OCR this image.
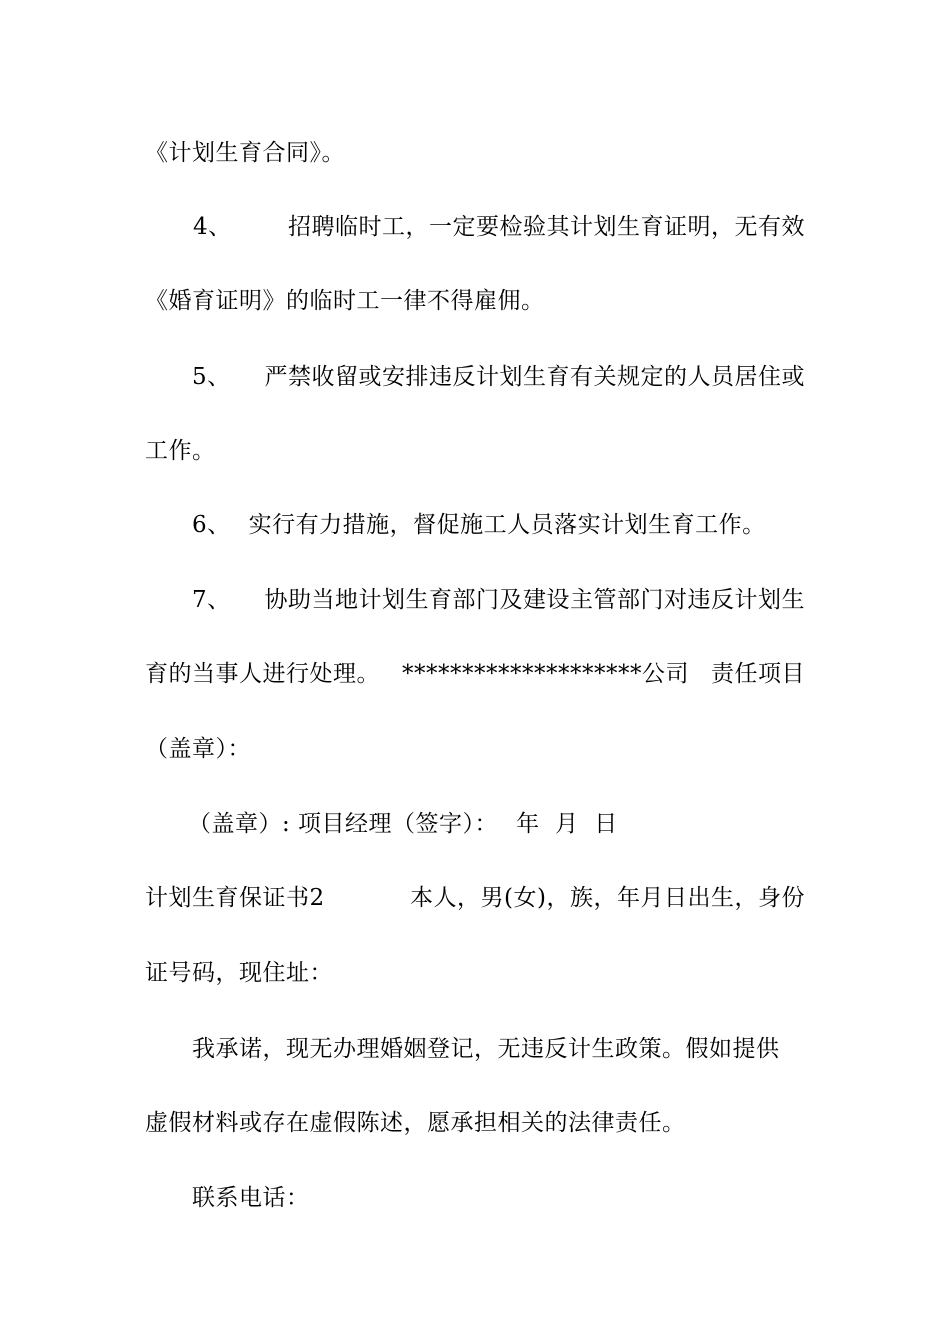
《计划生育合同》。
4、 招聘临时工，一定要检验其计划生育证明，无有效
《婚育证明》的临时工一律不得雇佣。
5、 严禁收留或安排违反计划生育有关规定的人员居住或
工作。
6、 实行有力措施，督促施工人员落实计划生育工作。
7、 协助当地计划生育部门及建设主管部门对违反计划生
育的当事人进行处理。 ********************公司 责任项目
（盖章）：
（盖章）: 项目经理（签字）： 年  月  日
计划生育保证书2	本人，男(女)，族，年月日出生，身份
证号码，现住址：
我承诺，现无办理婚姻登记，无违反计生政策。假如提供
虚假材料或存在虚假陈述，愿承担相关的法律责任。
联系电话：
